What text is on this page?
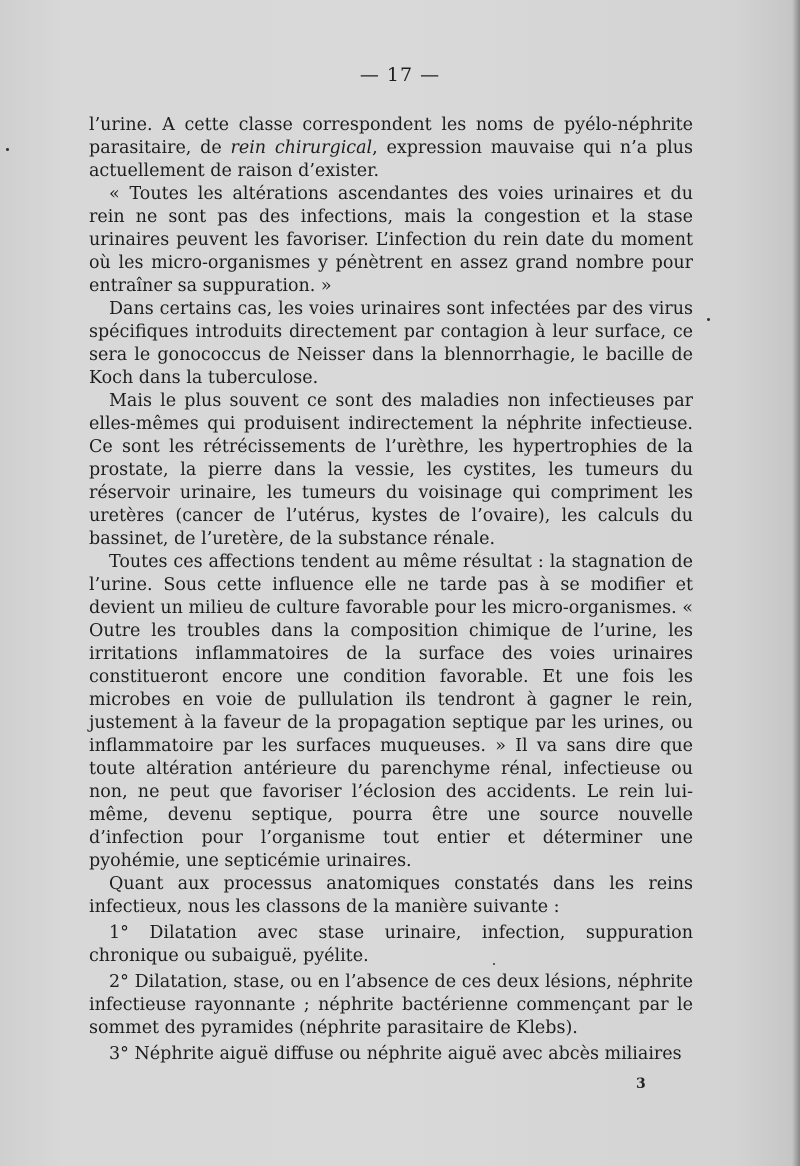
— 17 —

l’urine. A cette classe correspondent les noms de pyélo-néphrite parasitaire, de rein chirurgical, expression mauvaise qui n’a plus actuellement de raison d’exister.

« Toutes les altérations ascendantes des voies urinaires et du rein ne sont pas des infections, mais la congestion et la stase urinaires peuvent les favoriser. L’infection du rein date du moment où les micro-organismes y pénètrent en assez grand nombre pour entraîner sa suppuration. »

Dans certains cas, les voies urinaires sont infectées par des virus spécifiques introduits directement par contagion à leur surface, ce sera le gonococcus de Neisser dans la blennorrhagie, le bacille de Koch dans la tuberculose.

Mais le plus souvent ce sont des maladies non infectieuses par elles-mêmes qui produisent indirectement la néphrite infectieuse. Ce sont les rétrécissements de l’urèthre, les hypertrophies de la prostate, la pierre dans la vessie, les cystites, les tumeurs du réservoir urinaire, les tumeurs du voisinage qui compriment les uretères (cancer de l’utérus, kystes de l’ovaire), les calculs du bassinet, de l’uretère, de la substance rénale.

Toutes ces affections tendent au même résultat : la stagnation de l’urine. Sous cette influence elle ne tarde pas à se modifier et devient un milieu de culture favorable pour les micro-organismes. « Outre les troubles dans la composition chimique de l’urine, les irritations inflammatoires de la surface des voies urinaires constitueront encore une condition favorable. Et une fois les microbes en voie de pullulation ils tendront à gagner le rein, justement à la faveur de la propagation septique par les urines, ou inflammatoire par les surfaces muqueuses. » Il va sans dire que toute altération antérieure du parenchyme rénal, infectieuse ou non, ne peut que favoriser l’éclosion des accidents. Le rein lui-même, devenu septique, pourra être une source nouvelle d’infection pour l’organisme tout entier et déterminer une pyohémie, une septicémie urinaires.

Quant aux processus anatomiques constatés dans les reins infectieux, nous les classons de la manière suivante :

1° Dilatation avec stase urinaire, infection, suppuration chronique ou subaiguë, pyélite.

2° Dilatation, stase, ou en l’absence de ces deux lésions, néphrite infectieuse rayonnante ; néphrite bactérienne commençant par le sommet des pyramides (néphrite parasitaire de Klebs).

3° Néphrite aiguë diffuse ou néphrite aiguë avec abcès miliaires

3
